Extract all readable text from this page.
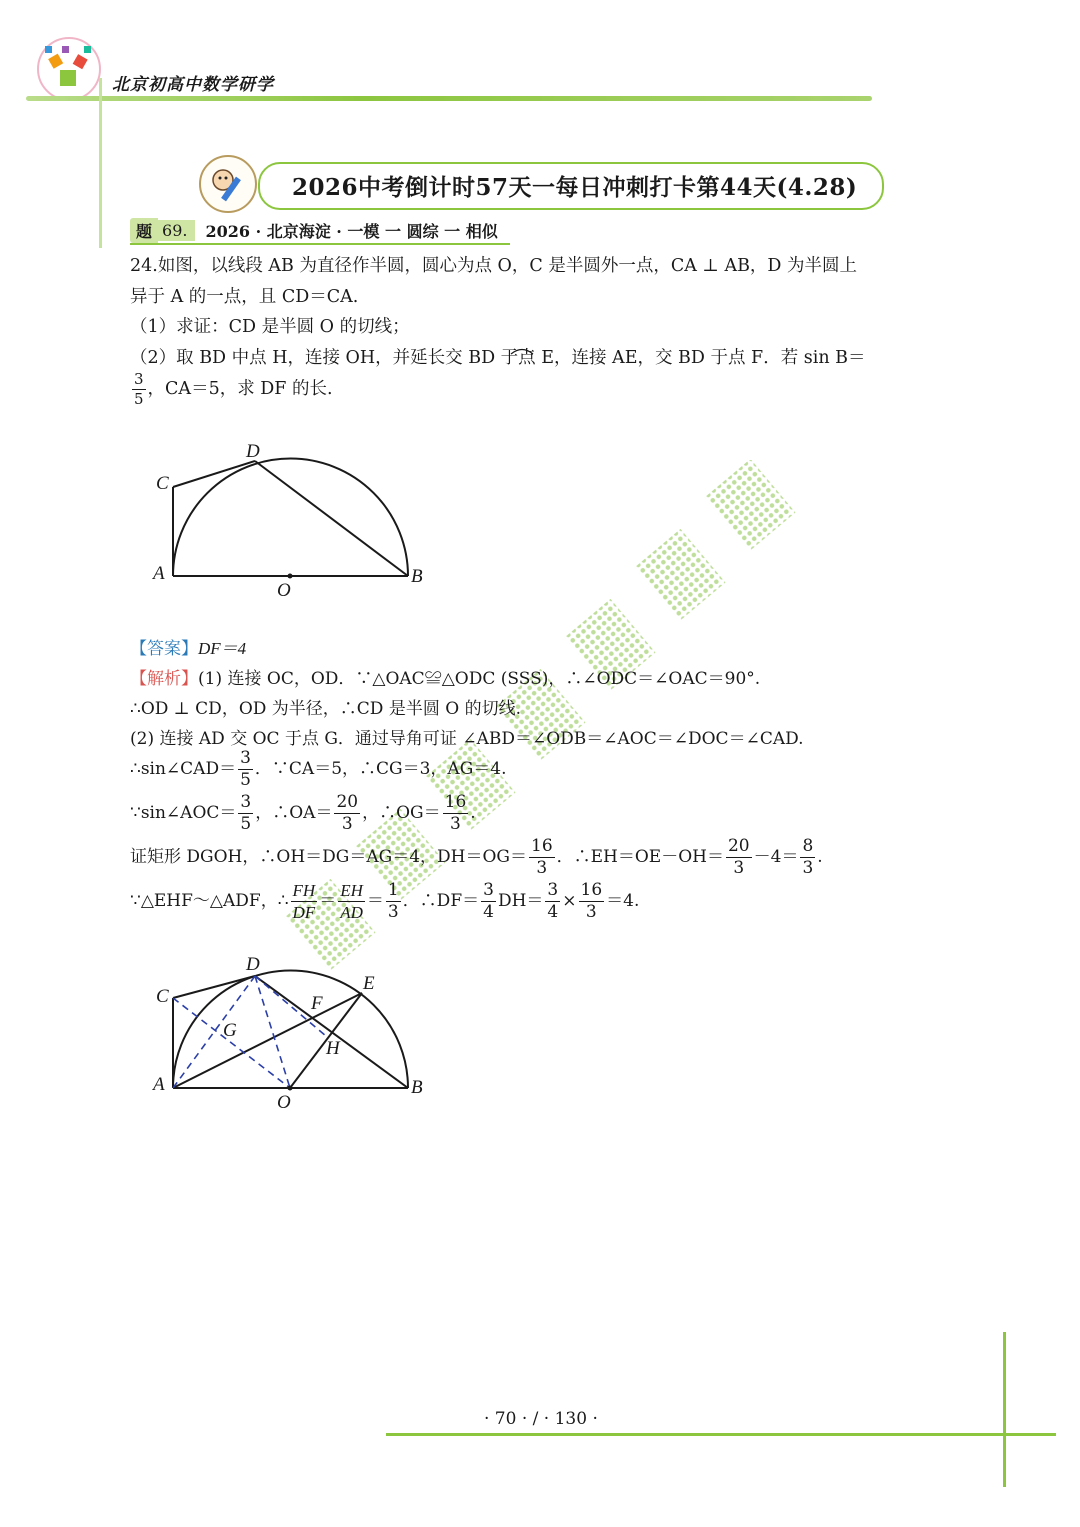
北京初高中数学研学
2026中考倒计时57天一每日冲刺打卡第44天(4.28)
题 69.	2026 · 北京海淀 · 一模 一 圆综 一 相似
24.如图，以线段 AB 为直径作半圆，圆心为点 O，C 是半圆外一点，CA ⊥ AB，D 为半圆上
异于 A 的一点，且 CD＝CA.
（1）求证：CD 是半圆 O 的切线；
（2）取 BD 中点 H，连接 OH，并延长交 BD 于点 E，连接 AE，交 BD 于点 F．若 sin B＝
$\frac{3}{5}$ ，CA＝5，求 DF 的长.
D
C
A
O
B
【答案】DF＝4
【解析】(1) 连接 OC，OD．∵△OAC≌△ODC (SSS)，∴∠ODC＝∠OAC＝90°.
∴OD ⊥ CD，OD 为半径，∴CD 是半圆 O 的切线.
(2) 连接 AD 交 OC 于点 G．通过导角可证 ∠ABD＝∠ODB＝∠AOC＝∠DOC＝∠CAD.
∴sin∠CAD＝ $\frac{3}{5}$ ．∵CA＝5，∴CG＝3，AG＝4.
∵sin∠AOC＝ $\frac{3}{5}$ ，∴OA＝ $\frac{20}{3}$ ，∴OG＝ $\frac{16}{3}$ .
证矩形 DGOH，∴OH＝DG＝AG＝4，$DH=OG= \frac{16}{3}$ ．∴EH＝OE－OH＝ $\frac{20}{3} -4= \frac{8}{3}$ .
∵△EHF～△ADF，∴ $\frac{FH}{DF} = \frac{EH}{AD} = \frac{1}{3}$ ．∴DF＝ $\frac{3}{4} DH= \frac{3}{4} \times \frac{16}{3} =4$.
D
C
E
F
G
H
A
O
B
· 70 · / · 130 ·
